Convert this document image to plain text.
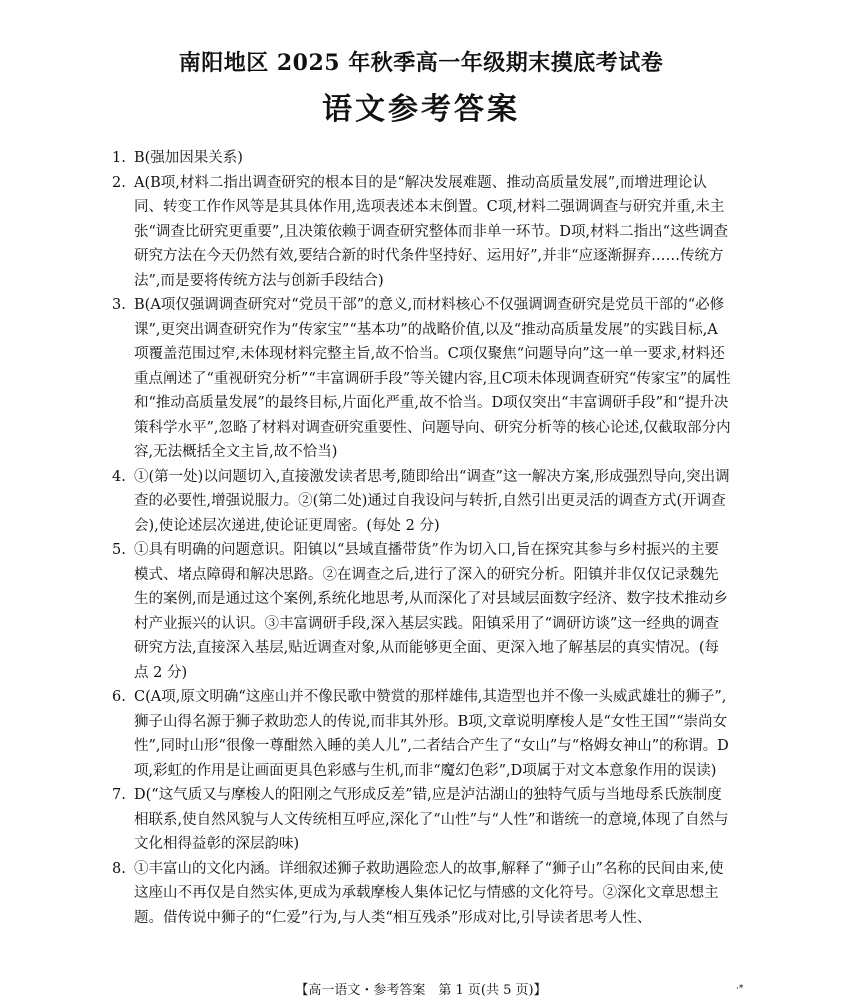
南阳地区 2025 年秋季高一年级期末摸底考试卷
语文参考答案

1. B(强加因果关系)

2. A(B项,材料二指出调查研究的根本目的是“解决发展难题、推动高质量发展”,而增进理论认同、转变工作作风等是其具体作用,选项表述本末倒置。C项,材料二强调调查与研究并重,未主张“调查比研究更重要”,且决策依赖于调查研究整体而非单一环节。D项,材料二指出“这些调查研究方法在今天仍然有效,要结合新的时代条件坚持好、运用好”,并非“应逐渐摒弃……传统方法”,而是要将传统方法与创新手段结合)

3. B(A项仅强调调查研究对“党员干部”的意义,而材料核心不仅强调调查研究是党员干部的“必修课”,更突出调查研究作为“传家宝”“基本功”的战略价值,以及“推动高质量发展”的实践目标,A项覆盖范围过窄,未体现材料完整主旨,故不恰当。C项仅聚焦“问题导向”这一单一要求,材料还重点阐述了“重视研究分析”“丰富调研手段”等关键内容,且C项未体现调查研究“传家宝”的属性和“推动高质量发展”的最终目标,片面化严重,故不恰当。D项仅突出“丰富调研手段”和“提升决策科学水平”,忽略了材料对调查研究重要性、问题导向、研究分析等的核心论述,仅截取部分内容,无法概括全文主旨,故不恰当)

4. ①(第一处)以问题切入,直接激发读者思考,随即给出“调查”这一解决方案,形成强烈导向,突出调查的必要性,增强说服力。②(第二处)通过自我设问与转折,自然引出更灵活的调查方式(开调查会),使论述层次递进,使论证更周密。(每处 2 分)

5. ①具有明确的问题意识。阳镇以“县域直播带货”作为切入口,旨在探究其参与乡村振兴的主要模式、堵点障碍和解决思路。②在调查之后,进行了深入的研究分析。阳镇并非仅仅记录魏先生的案例,而是通过这个案例,系统化地思考,从而深化了对县域层面数字经济、数字技术推动乡村产业振兴的认识。③丰富调研手段,深入基层实践。阳镇采用了“调研访谈”这一经典的调查研究方法,直接深入基层,贴近调查对象,从而能够更全面、更深入地了解基层的真实情况。(每点 2 分)

6. C(A项,原文明确“这座山并不像民歌中赞赏的那样雄伟,其造型也并不像一头威武雄壮的狮子”,狮子山得名源于狮子救助恋人的传说,而非其外形。B项,文章说明摩梭人是“女性王国”“崇尚女性”,同时山形“很像一尊酣然入睡的美人儿”,二者结合产生了“女山”与“格姆女神山”的称谓。D项,彩虹的作用是让画面更具色彩感与生机,而非“魔幻色彩”,D项属于对文本意象作用的误读)

7. D(“这气质又与摩梭人的阳刚之气形成反差”错,应是泸沽湖山的独特气质与当地母系氏族制度相联系,使自然风貌与人文传统相互呼应,深化了“山性”与“人性”和谐统一的意境,体现了自然与文化相得益彰的深层韵味)

8. ①丰富山的文化内涵。详细叙述狮子救助遇险恋人的故事,解释了“狮子山”名称的民间由来,使这座山不再仅是自然实体,更成为承载摩梭人集体记忆与情感的文化符号。②深化文章思想主题。借传说中狮子的“仁爱”行为,与人类“相互残杀”形成对比,引导读者思考人性、

【高一语文・参考答案　第 1 页(共 5 页)】	·*
